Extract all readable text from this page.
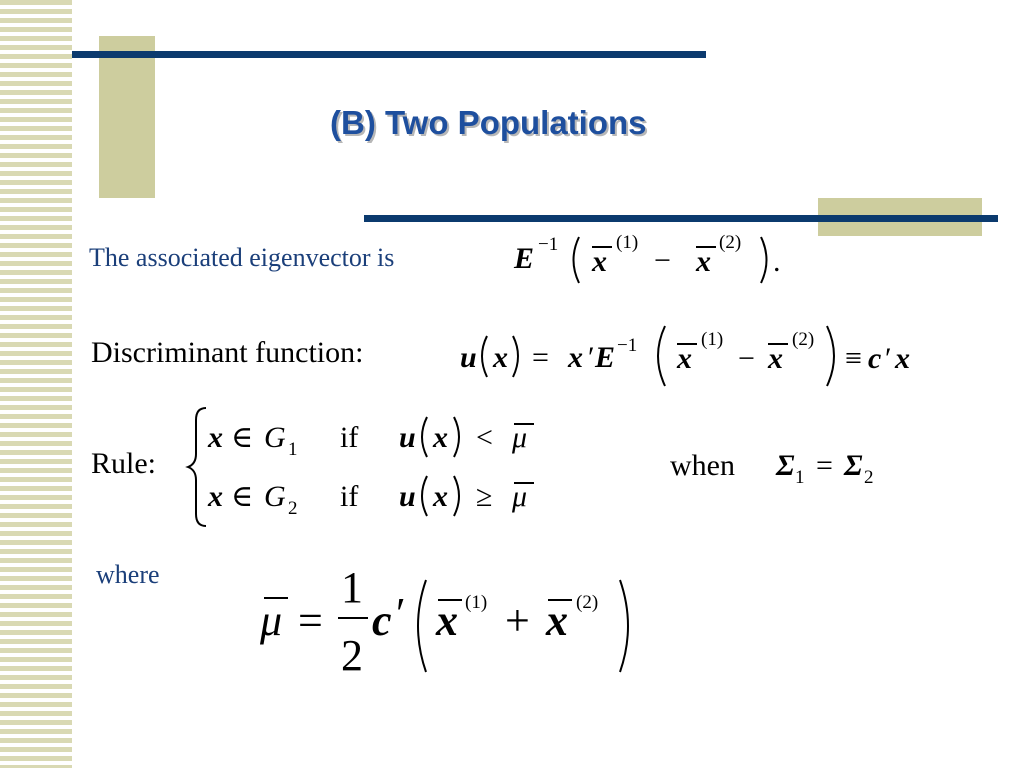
(B) Two Populations
The associated eigenvector is	E −1
x
(1)
− x
(2)
.
Discriminant function:	u x = x ′ E −1 x
(1)
− x
(2)
≡ c ′ x
Rule:
x ∈ G 1 if u x < μ
x ∈ G 2 if u x ≥ μ
when Σ 1 = Σ 2
where
μ =
1
2
c ′ x (1) + x (2)
